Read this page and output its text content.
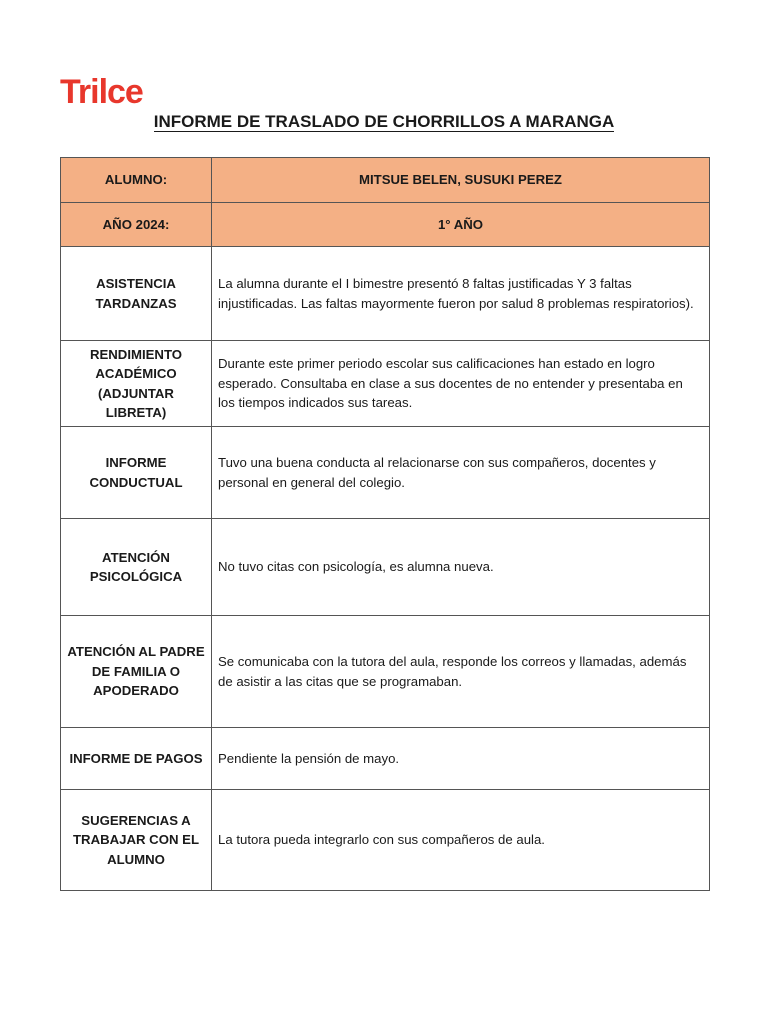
Trilce
INFORME DE TRASLADO DE CHORRILLOS A MARANGA
ALUMNO:	MITSUE BELEN, SUSUKI PEREZ
AÑO 2024:	1° AÑO
ASISTENCIA TARDANZAS	La alumna durante el I bimestre presentó 8 faltas justificadas Y 3 faltas injustificadas. Las faltas mayormente fueron por salud 8 problemas respiratorios).
RENDIMIENTO ACADÉMICO (ADJUNTAR LIBRETA)	Durante este primer periodo escolar sus calificaciones han estado en logro esperado. Consultaba en clase a sus docentes de no entender y presentaba en los tiempos indicados sus tareas.
INFORME CONDUCTUAL	Tuvo una buena conducta al relacionarse con sus compañeros, docentes y personal en general del colegio.
ATENCIÓN PSICOLÓGICA	No tuvo citas con psicología, es alumna nueva.
ATENCIÓN AL PADRE DE FAMILIA O APODERADO	Se comunicaba con la tutora del aula, responde los correos y llamadas, además de asistir a las citas que se programaban.
INFORME DE PAGOS	Pendiente la pensión de mayo.
SUGERENCIAS A TRABAJAR CON EL ALUMNO	La tutora pueda integrarlo con sus compañeros de aula.
